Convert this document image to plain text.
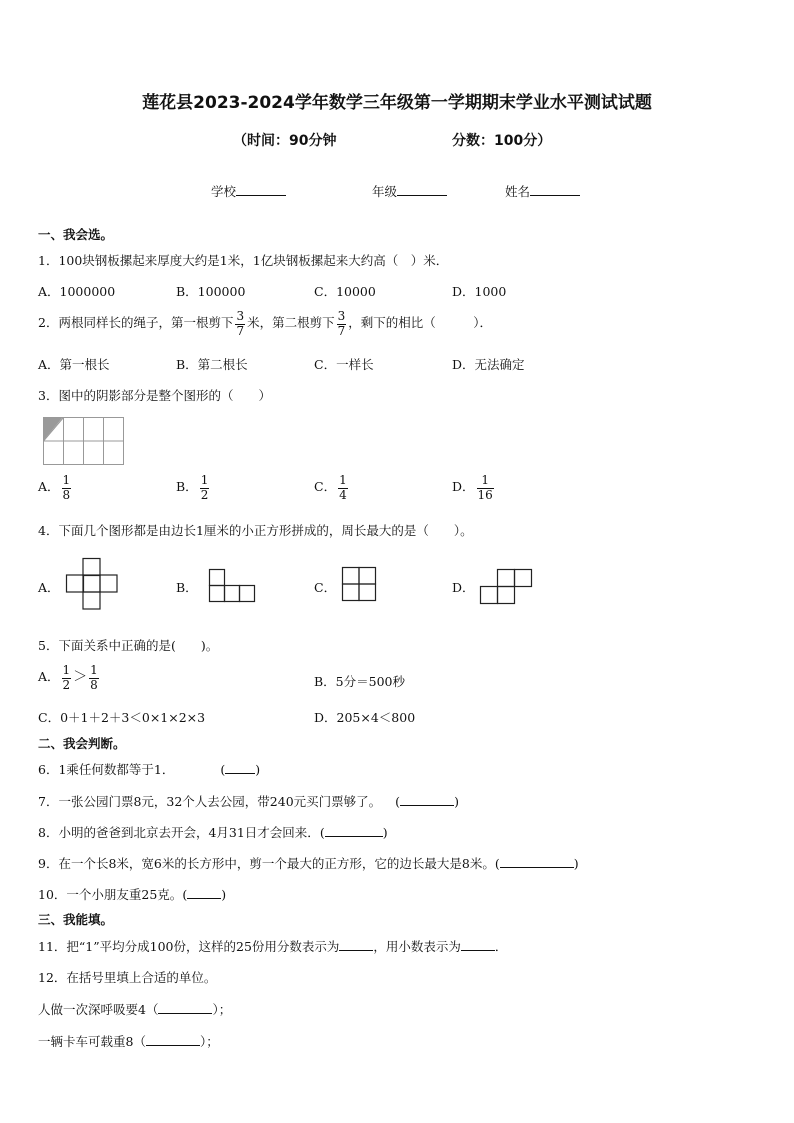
莲花县2023-2024学年数学三年级第一学期期末学业水平测试试题
（时间：90分钟	分数：100分）
学校	年级	姓名
一、我会选。
1．100块钢板摞起来厚度大约是1米，1亿块钢板摞起来大约高（　）米．
A．1000000	B．100000	C．10000	D．1000
2．两根同样长的绳子，第一根剪下 $\frac{3}{7}$ 米，第二根剪下 $\frac{3}{7}$ ，剩下的相比（　　　）．
A．第一根长	B．第二根长	C．一样长	D．无法确定
3．图中的阴影部分是整个图形的（　　）
A． $\frac{1}{8}$	B． $\frac{1}{2}$	C． $\frac{1}{4}$	D． $\frac{1}{16}$
4．下面几个图形都是由边长1厘米的小正方形拼成的，周长最大的是（　　）。
A．	B．	C．	D．
5．下面关系中正确的是(　　)。
A． $\frac{1}{2} > \frac{1}{8}$	B．5分＝500秒
C．0＋1＋2＋3＜0×1×2×3	D．205×4＜800
二、我会判断。
6．1乘任何数都等于1．	( )
7．一张公园门票8元，32个人去公园，带240元买门票够了。 (	)
8．小明的爸爸到北京去开会，4月31日才会回来．(	)
9．在一个长8米，宽6米的长方形中，剪一个最大的正方形，它的边长最大是8米。(	)
10．一个小朋友重25克。(	)
三、我能填。
11．把“1”平均分成100份，这样的25份用分数表示为	，用小数表示为	．
12．在括号里填上合适的单位。
人做一次深呼吸要4（	）；
一辆卡车可载重8（	）；
